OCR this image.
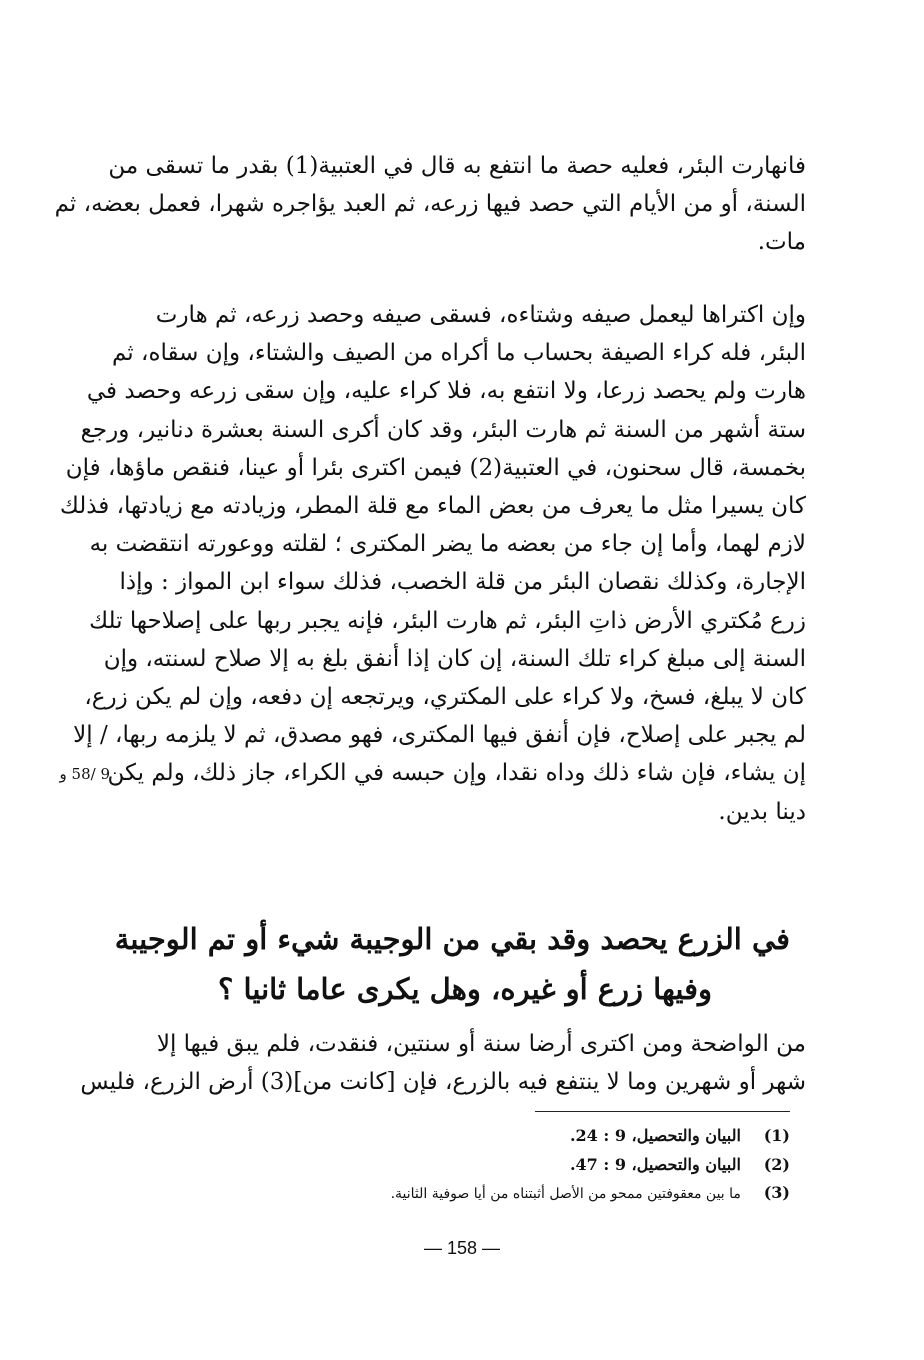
فانهارت البئر، فعليه حصة ما انتفع به قال في العتبية(1) بقدر ما تسقى من
السنة، أو من الأيام التي حصد فيها زرعه، ثم العبد يؤاجره شهرا، فعمل بعضه، ثم
مات.
وإن اكتراها ليعمل صيفه وشتاءه، فسقى صيفه وحصد زرعه، ثم هارت
البئر، فله كراء الصيفة بحساب ما أكراه من الصيف والشتاء، وإن سقاه، ثم
هارت ولم يحصد زرعا، ولا انتفع به، فلا كراء عليه، وإن سقى زرعه وحصد في
ستة أشهر من السنة ثم هارت البئر، وقد كان أكرى السنة بعشرة دنانير، ورجع
بخمسة، قال سحنون، في العتبية(2) فيمن اكترى بئرا أو عينا، فنقص ماؤها، فإن
كان يسيرا مثل ما يعرف من بعض الماء مع قلة المطر، وزيادته مع زيادتها، فذلك
لازم لهما، وأما إن جاء من بعضه ما يضر المكترى ؛ لقلته ووعورته انتقضت به
الإجارة، وكذلك نقصان البئر من قلة الخصب، فذلك سواء ابن المواز : وإذا
زرع مُكتري الأرض ذاتِ البئر، ثم هارت البئر، فإنه يجبر ربها على إصلاحها تلك
السنة إلى مبلغ كراء تلك السنة، إن كان إذا أنفق بلغ به إلا صلاح لسنته، وإن
كان لا يبلغ، فسخ، ولا كراء على المكتري، ويرتجعه إن دفعه، وإن لم يكن زرع،
لم يجبر على إصلاح، فإن أنفق فيها المكترى، فهو مصدق، ثم لا يلزمه ربها، / إلا
إن يشاء، فإن شاء ذلك وداه نقدا، وإن حبسه في الكراء، جاز ذلك، ولم يكن
دينا بدين.
9 /58 و
في الزرع يحصد وقد بقي من الوجيبة شيء أو تم الوجيبة
وفيها زرع أو غيره، وهل يكرى عاما ثانيا ؟
من الواضحة ومن اكترى أرضا سنة أو سنتين، فنقدت، فلم يبق فيها إلا
شهر أو شهرين وما لا ينتفع فيه بالزرع، فإن [كانت من](3) أرض الزرع، فليس
(1) البيان والتحصيل، 9 : 24.
(2) البيان والتحصيل، 9 : 47.
(3) ما بين معقوفتين ممحو من الأصل أثبتناه من أيا صوفية الثانية.
— 158 —
